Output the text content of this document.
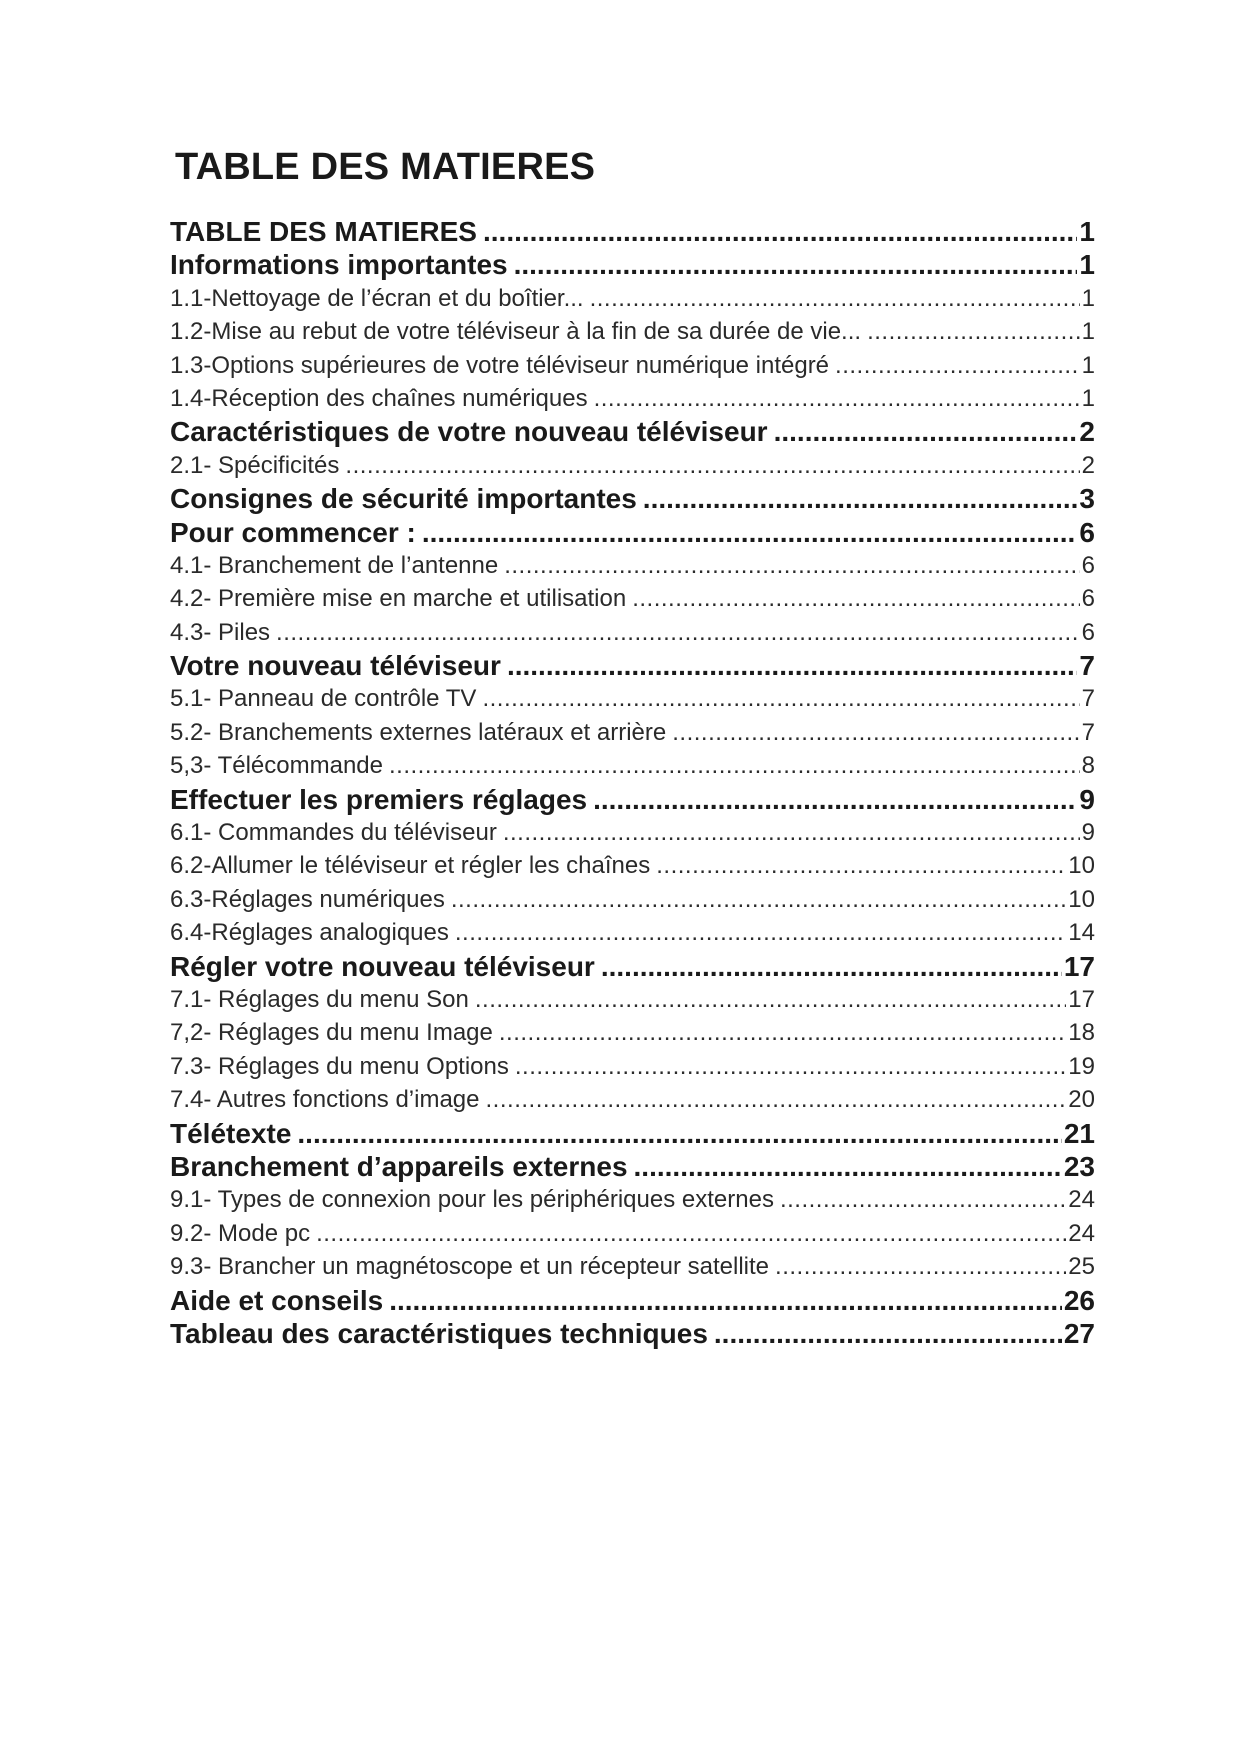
TABLE DES MATIERES
TABLE DES MATIERES .....	1
Informations importantes .....	1
1.1-Nettoyage de l’écran et du boîtier... .....	1
1.2-Mise au rebut de votre téléviseur à la fin de sa durée de vie... .....	1
1.3-Options supérieures de votre téléviseur numérique intégré .....	1
1.4-Réception des chaînes numériques .....	1
Caractéristiques de votre nouveau téléviseur .....	2
2.1- Spécificités .....	2
Consignes de sécurité importantes .....	3
Pour commencer : .....	6
4.1- Branchement de l’antenne .....	6
4.2- Première mise en marche et utilisation .....	6
4.3- Piles .....	6
Votre nouveau téléviseur .....	7
5.1- Panneau de contrôle TV .....	7
5.2- Branchements externes latéraux et arrière .....	7
5,3- Télécommande .....	8
Effectuer les premiers réglages .....	9
6.1- Commandes du téléviseur .....	9
6.2-Allumer le téléviseur et régler les chaînes .....	10
6.3-Réglages numériques .....	10
6.4-Réglages analogiques .....	14
Régler votre nouveau téléviseur .....	17
7.1- Réglages du menu Son .....	17
7,2- Réglages du menu Image .....	18
7.3- Réglages du menu Options .....	19
7.4- Autres fonctions d’image .....	20
Télétexte .....	21
Branchement d’appareils externes .....	23
9.1- Types de connexion pour les périphériques externes .....	24
9.2- Mode pc .....	24
9.3- Brancher un magnétoscope et un récepteur satellite .....	25
Aide et conseils .....	26
Tableau des caractéristiques techniques .....	27
